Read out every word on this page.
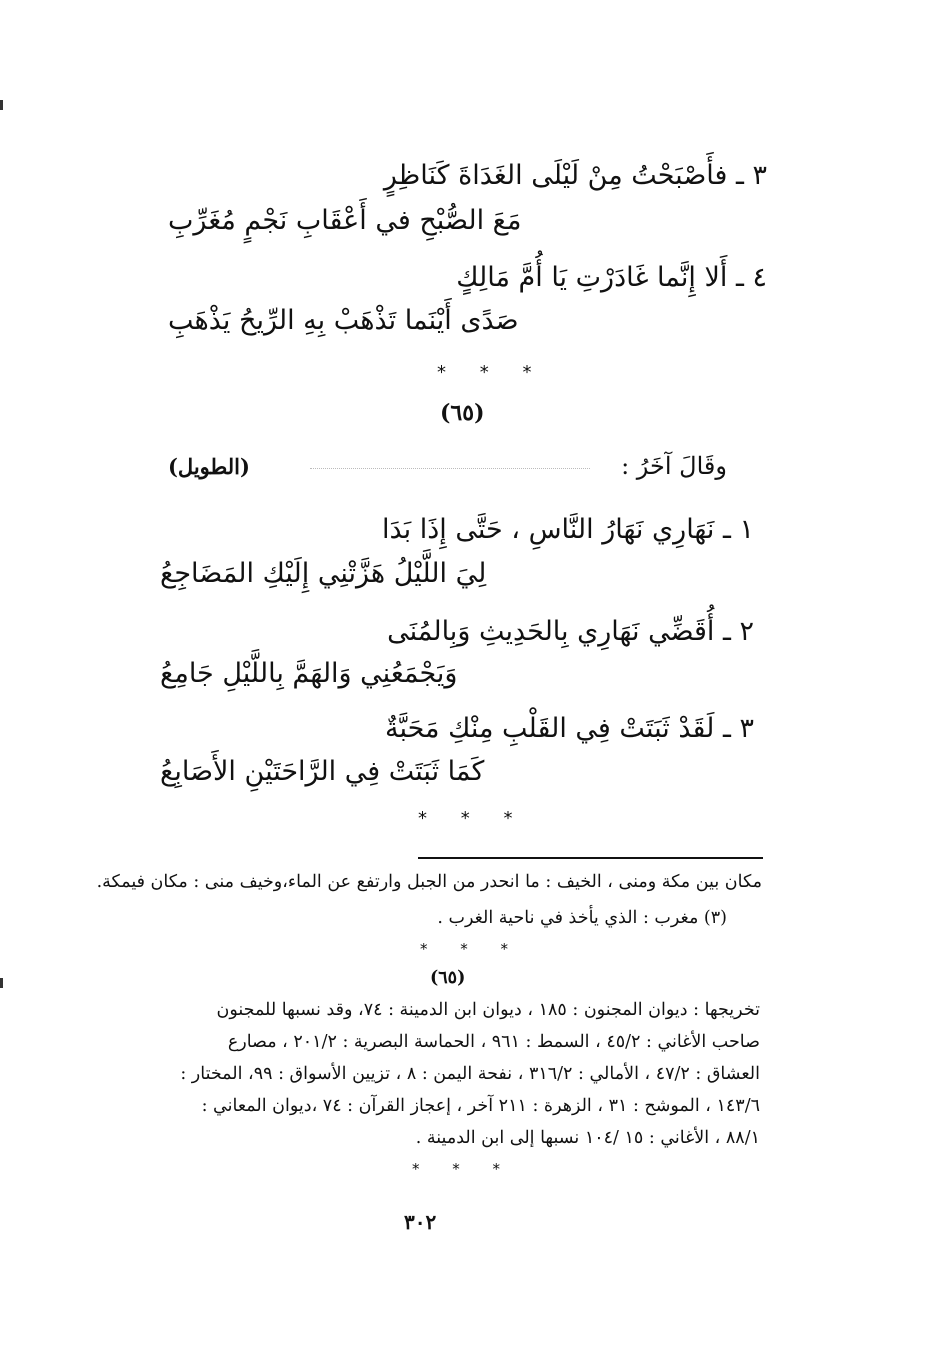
٣ ـ فأَصْبَحْتُ مِنْ لَيْلَى الغَدَاةَ كَنَاظِرٍ
مَعَ الصُّبْحِ في أَعْقَابِ نَجْمٍ مُغَرِّبِ
٤ ـ أَلا إِنَّما غَادَرْتِ يَا أُمَّ مَالِكٍ
صَدًى أَيْنَما تَذْهَبْ بِهِ الرِّيحُ يَذْهَبِ
* * *
(٦٥)
وقَالَ آخَرُ :
(الطويل)
١ ـ نَهَارِي نَهَارُ النَّاسِ ، حَتَّى إِذَا بَدَا
لِيَ اللَّيْلُ هَزَّتْنِي إِلَيْكِ المَضَاجِعُ
٢ ـ أُقَضِّي نَهَارِي بِالحَدِيثِ وَبِالمُنَى
وَيَجْمَعُنِي وَالهَمَّ بِاللَّيْلِ جَامِعُ
٣ ـ لَقَدْ ثَبَتَتْ فِي القَلْبِ مِنْكِ مَحَبَّةٌ
كَمَا ثَبَتَتْ فِي الرَّاحَتَيْنِ الأَصَابِعُ
* * *
مكان بين مكة ومنى ، الخيف : ما انحدر من الجبل وارتفع عن الماء،وخيف منى : مكان فيمكة.
(٣) مغرب : الذي يأخذ في ناحية الغرب .
* * *
(٦٥)
تخريجها : ديوان المجنون : ١٨٥ ، ديوان ابن الدمينة : ٧٤، وقد نسبها للمجنون
صاحب الأغاني : ٤٥/٢ ، السمط : ٩٦١ ، الحماسة البصرية : ٢٠١/٢ ، مصارع
العشاق : ٤٧/٢ ، الأمالي : ٣١٦/٢ ، نفحة اليمن : ٨ ، تزيين الأسواق : ٩٩، المختار :
١٤٣/٦ ، الموشح : ٣١ ، الزهرة : ٢١١ آخر ، إعجاز القرآن : ٧٤ ،ديوان المعاني :
٨٨/١ ، الأغاني : ١٥ /١٠٤ نسبها إلى ابن الدمينة .
* * *
٣٠٢
